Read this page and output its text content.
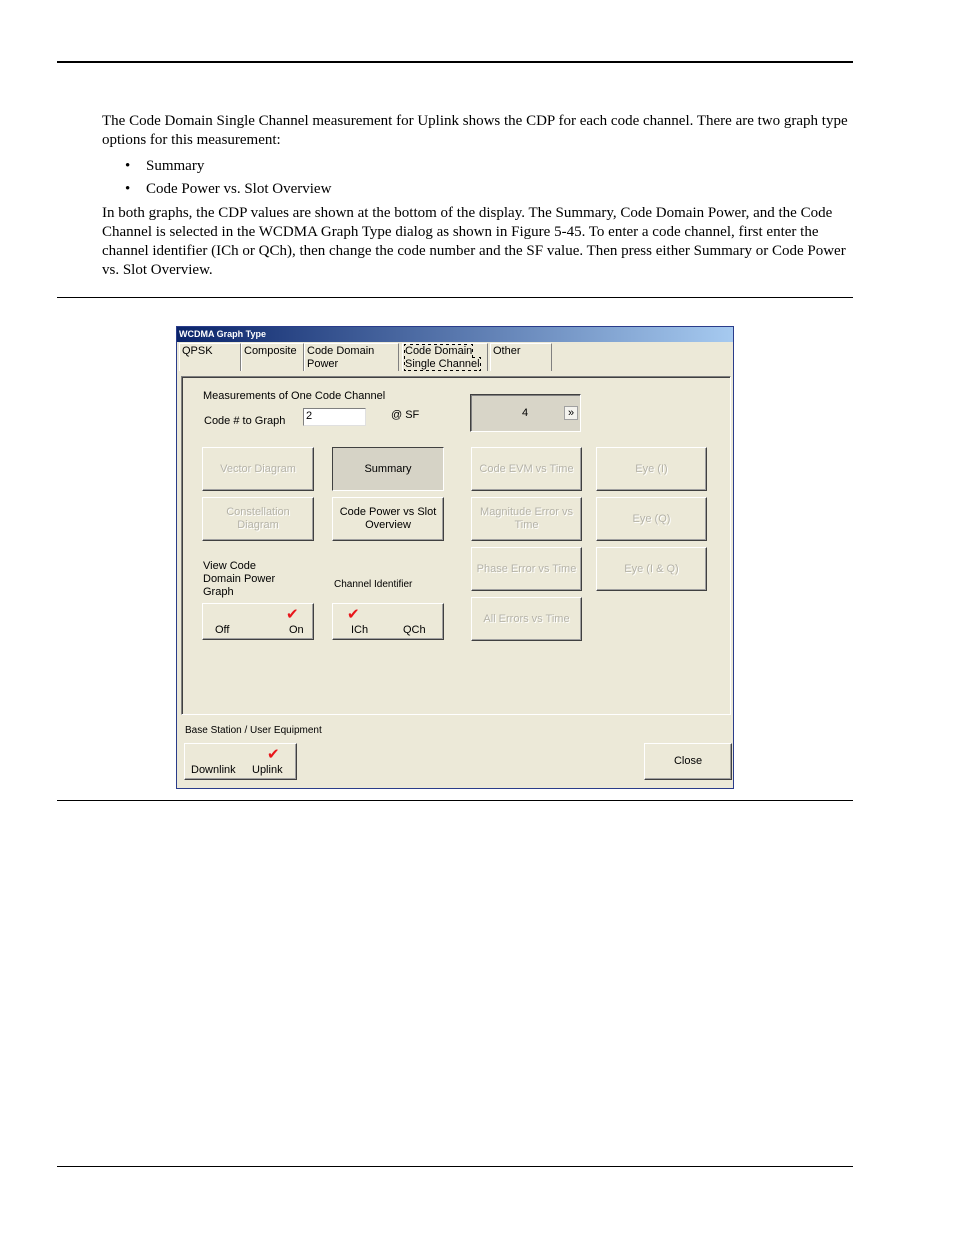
The Code Domain Single Channel measurement for Uplink shows the CDP for each code channel. There are two graph type options for this measurement:

• Summary
• Code Power vs. Slot Overview

In both graphs, the CDP values are shown at the bottom of the display. The Summary, Code Domain Power, and the Code Channel is selected in the WCDMA Graph Type dialog as shown in Figure 5-45. To enter a code channel, first enter the channel identifier (ICh or QCh), then change the code number and the SF value. Then press either Summary or Code Power vs. Slot Overview.

WCDMA Graph Type
QPSK	Composite Code Domain Power
Code Domain Single Channel
Other
Measurements of One Code Channel
Code # to Graph 2	@ SF	4	»
Vector Diagram	Summary	Code EVM vs Time	Eye (I)
Constellation Diagram
Code Power vs Slot Overview
Magnitude Error vs Time
Eye (Q)
Phase Error vs Time	Eye (I & Q)
View Code Domain Power Graph
Channel Identifier
✔
Off	On
✔
ICh	QCh
All Errors vs Time
Base Station / User Equipment
✔
Downlink Uplink
Close
